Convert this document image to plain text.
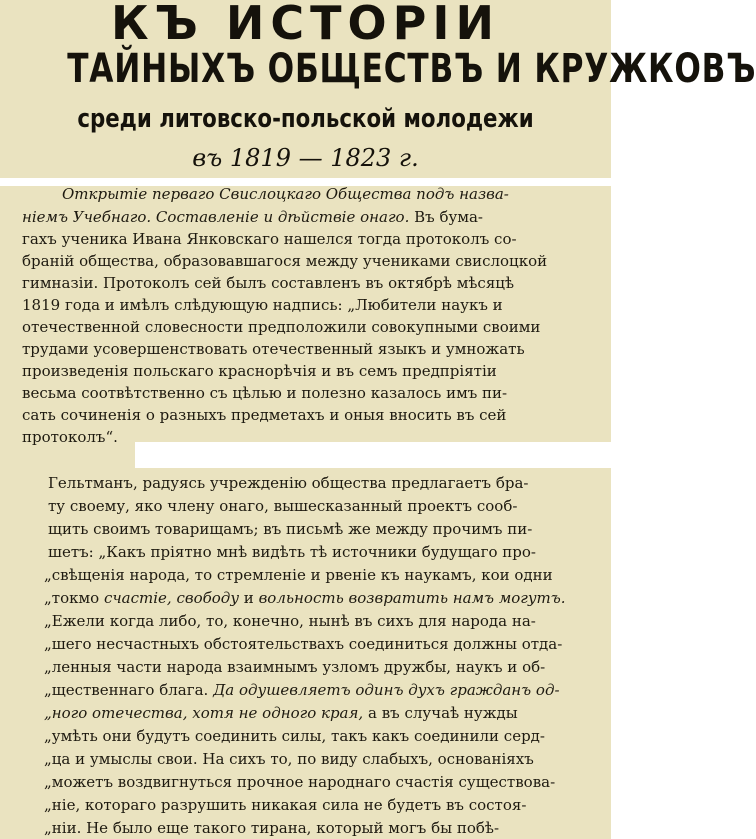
КЪ ИСТОРІИ
ТАЙНЫХЪ ОБЩЕСТВЪ И КРУЖКОВЪ
среди литовско-польской молодежи
въ 1819 — 1823 г.
Открытіе перваго Свислоцкаго Общества подъ назва-
ніемъ Учебнаго. Составленіе и дѣйствіе онаго. Въ бума-
гахъ ученика Ивана Янковскаго нашелся тогда протоколъ со-
браній общества, образовавшагося между учениками свислоцкой
гимназіи. Протоколъ сей былъ составленъ въ октябрѣ мѣсяцѣ
1819 года и имѣлъ слѣдующую надпись: „Любители наукъ и
отечественной словесности предположили совокупными своими
трудами усовершенствовать отечественный языкъ и умножать
произведенія польскаго краснорѣчія и въ семъ предпріятіи
весьма соотвѣтственно съ цѣлью и полезно казалось имъ пи-
сать сочиненія о разныхъ предметахъ и оныя вносить въ сей
протоколъ“.
Гельтманъ, радуясь учрежденію общества предлагаетъ бра-
ту своему, яко члену онаго, вышесказанный проектъ сооб-
щить своимъ товарищамъ; въ письмѣ же между прочимъ пи-
шетъ: „Какъ пріятно мнѣ видѣть тѣ источники будущаго про-
„свѣщенія народа, то стремленіе и рвеніе къ наукамъ, кои одни
„токмо счастіе, свободу и вольность возвратить намъ могутъ.
„Ежели когда либо, то, конечно, нынѣ въ сихъ для народа на-
„шего несчастныхъ обстоятельствахъ соединиться должны отда-
„ленныя части народа взаимнымъ узломъ дружбы, наукъ и об-
„щественнаго блага. Да одушевляетъ одинъ духъ гражданъ од-
„ного отечества, хотя не одного края, а въ случаѣ нужды
„умѣть они будутъ соединить силы, такъ какъ соединили серд-
„ца и умыслы свои. На сихъ то, по виду слабыхъ, основаніяхъ
„можетъ воздвигнуться прочное народнаго счастія существова-
„ніе, котораго разрушить никакая сила не будетъ въ состоя-
„ніи. Не было еще такого тирана, который могъ бы побѣ-
